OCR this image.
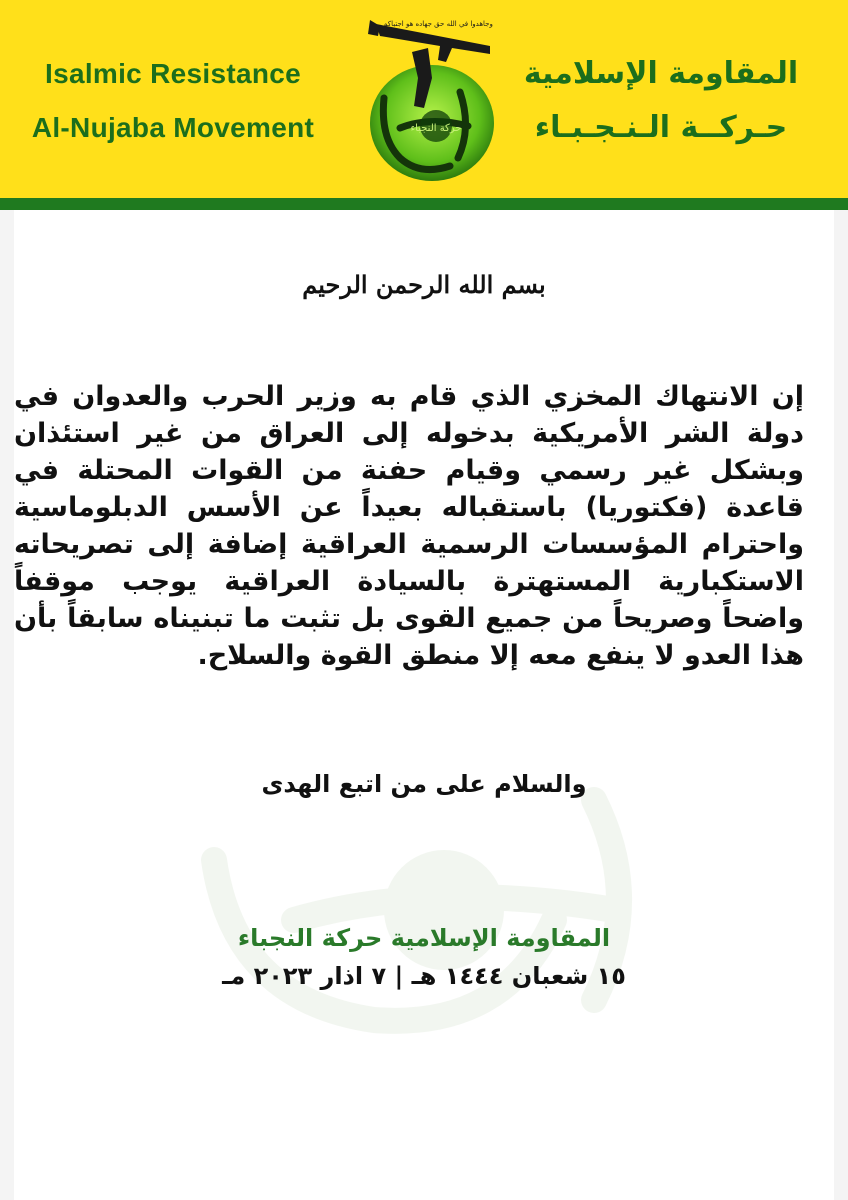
Isalmic Resistance
Al-Nujaba Movement
المقاومة الإسلامية
حـركــة الـنـجـبـاء
حركة النجباء
وجاهدوا في الله حق جهاده هو اجتباكم
بسم الله الرحمن الرحيم
إن الانتهاك المخزي الذي قام به وزير الحرب والعدوان في دولة الشر الأمريكية بدخوله إلى العراق من غير استئذان وبشكل غير رسمي وقيام حفنة من القوات المحتلة في قاعدة (فكتوريا) باستقباله بعيداً عن الأسس الدبلوماسية واحترام المؤسسات الرسمية العراقية إضافة إلى تصريحاته الاستكبارية المستهترة بالسيادة العراقية يوجب موقفاً واضحاً وصريحاً من جميع القوى بل تثبت ما تبنيناه سابقاً بأن هذا العدو لا ينفع معه إلا منطق القوة والسلاح.
والسلام على من اتبع الهدى
المقاومة الإسلامية حركة النجباء
١٥ شعبان ١٤٤٤ هـ | ٧ اذار ٢٠٢٣ مـ
